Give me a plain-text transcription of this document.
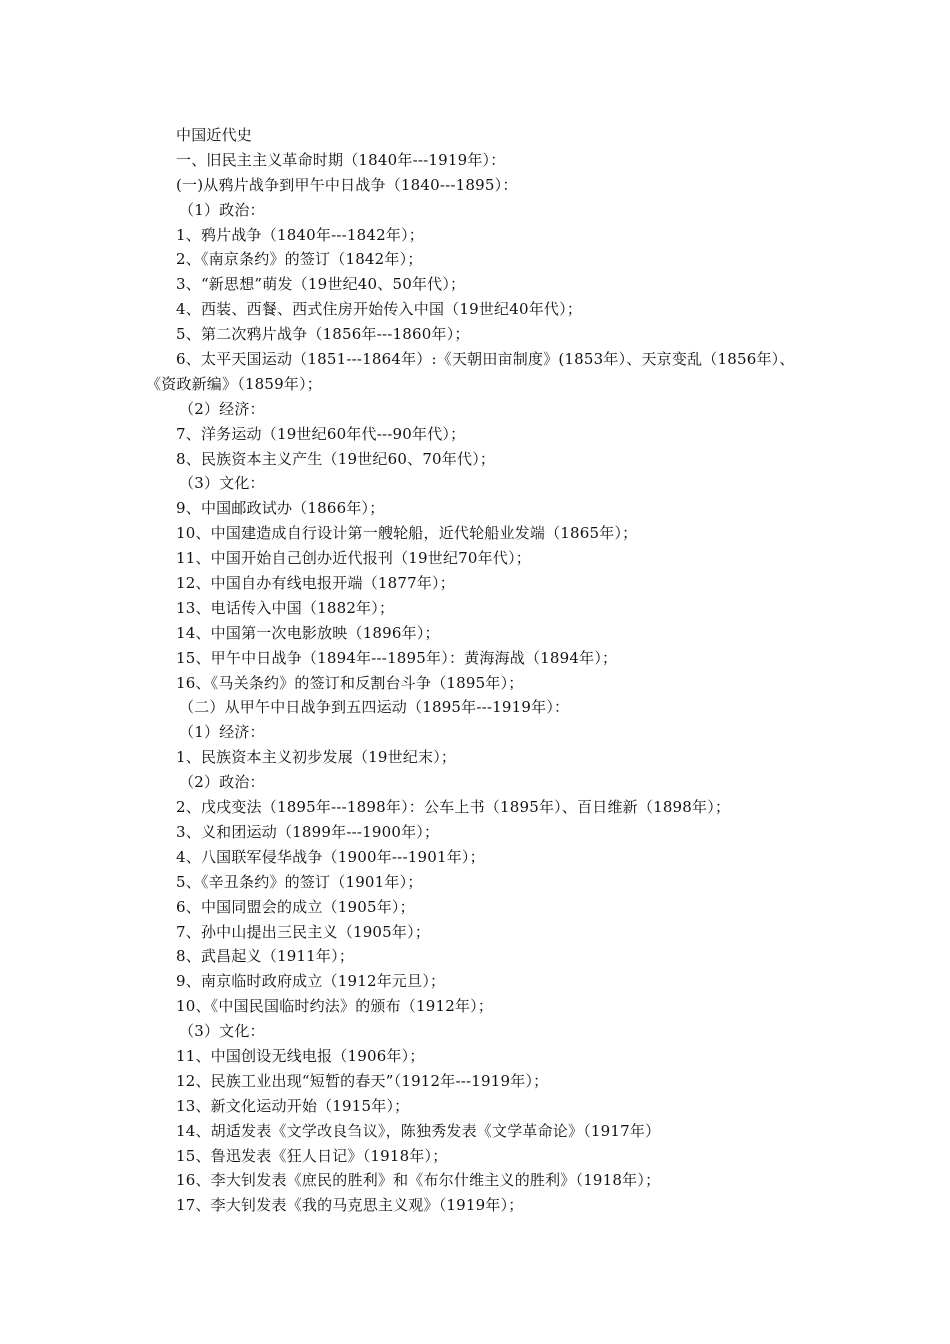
中国近代史
一、旧民主主义革命时期（1840年---1919年）：
(一)从鸦片战争到甲午中日战争（1840---1895）：
（1）政治：
1、鸦片战争（1840年---1842年）；
2、《南京条约》的签订（1842年）；
3、“新思想”萌发（19世纪40、50年代）；
4、西装、西餐、西式住房开始传入中国（19世纪40年代）；
5、第二次鸦片战争（1856年---1860年）；
6、太平天国运动（1851---1864年）:《天朝田亩制度》(1853年）、天京变乱（1856年）、
《资政新编》（1859年）；
（2）经济：
7、洋务运动（19世纪60年代---90年代）；
8、民族资本主义产生（19世纪60、70年代）；
（3）文化：
9、中国邮政试办（1866年）；
10、中国建造成自行设计第一艘轮船，近代轮船业发端（1865年）；
11、中国开始自己创办近代报刊（19世纪70年代）；
12、中国自办有线电报开端（1877年）；
13、电话传入中国（1882年）；
14、中国第一次电影放映（1896年）；
15、甲午中日战争（1894年---1895年）：黄海海战（1894年）；
16、《马关条约》的签订和反割台斗争（1895年）；
（二）从甲午中日战争到五四运动（1895年---1919年）：
（1）经济：
1、民族资本主义初步发展（19世纪末）；
（2）政治：
2、戊戌变法（1895年---1898年）：公车上书（1895年）、百日维新（1898年）；
3、义和团运动（1899年---1900年）；
4、八国联军侵华战争（1900年---1901年）；
5、《辛丑条约》的签订（1901年）；
6、中国同盟会的成立（1905年）；
7、孙中山提出三民主义（1905年）；
8、武昌起义（1911年）；
9、南京临时政府成立（1912年元旦）；
10、《中国民国临时约法》的颁布（1912年）；
（3）文化：
11、中国创设无线电报（1906年）；
12、民族工业出现“短暂的春天”（1912年---1919年）；
13、新文化运动开始（1915年）；
14、胡适发表《文学改良刍议》，陈独秀发表《文学革命论》（1917年）
15、鲁迅发表《狂人日记》（1918年）；
16、李大钊发表《庶民的胜利》和《布尔什维主义的胜利》（1918年）；
17、李大钊发表《我的马克思主义观》（1919年）；
